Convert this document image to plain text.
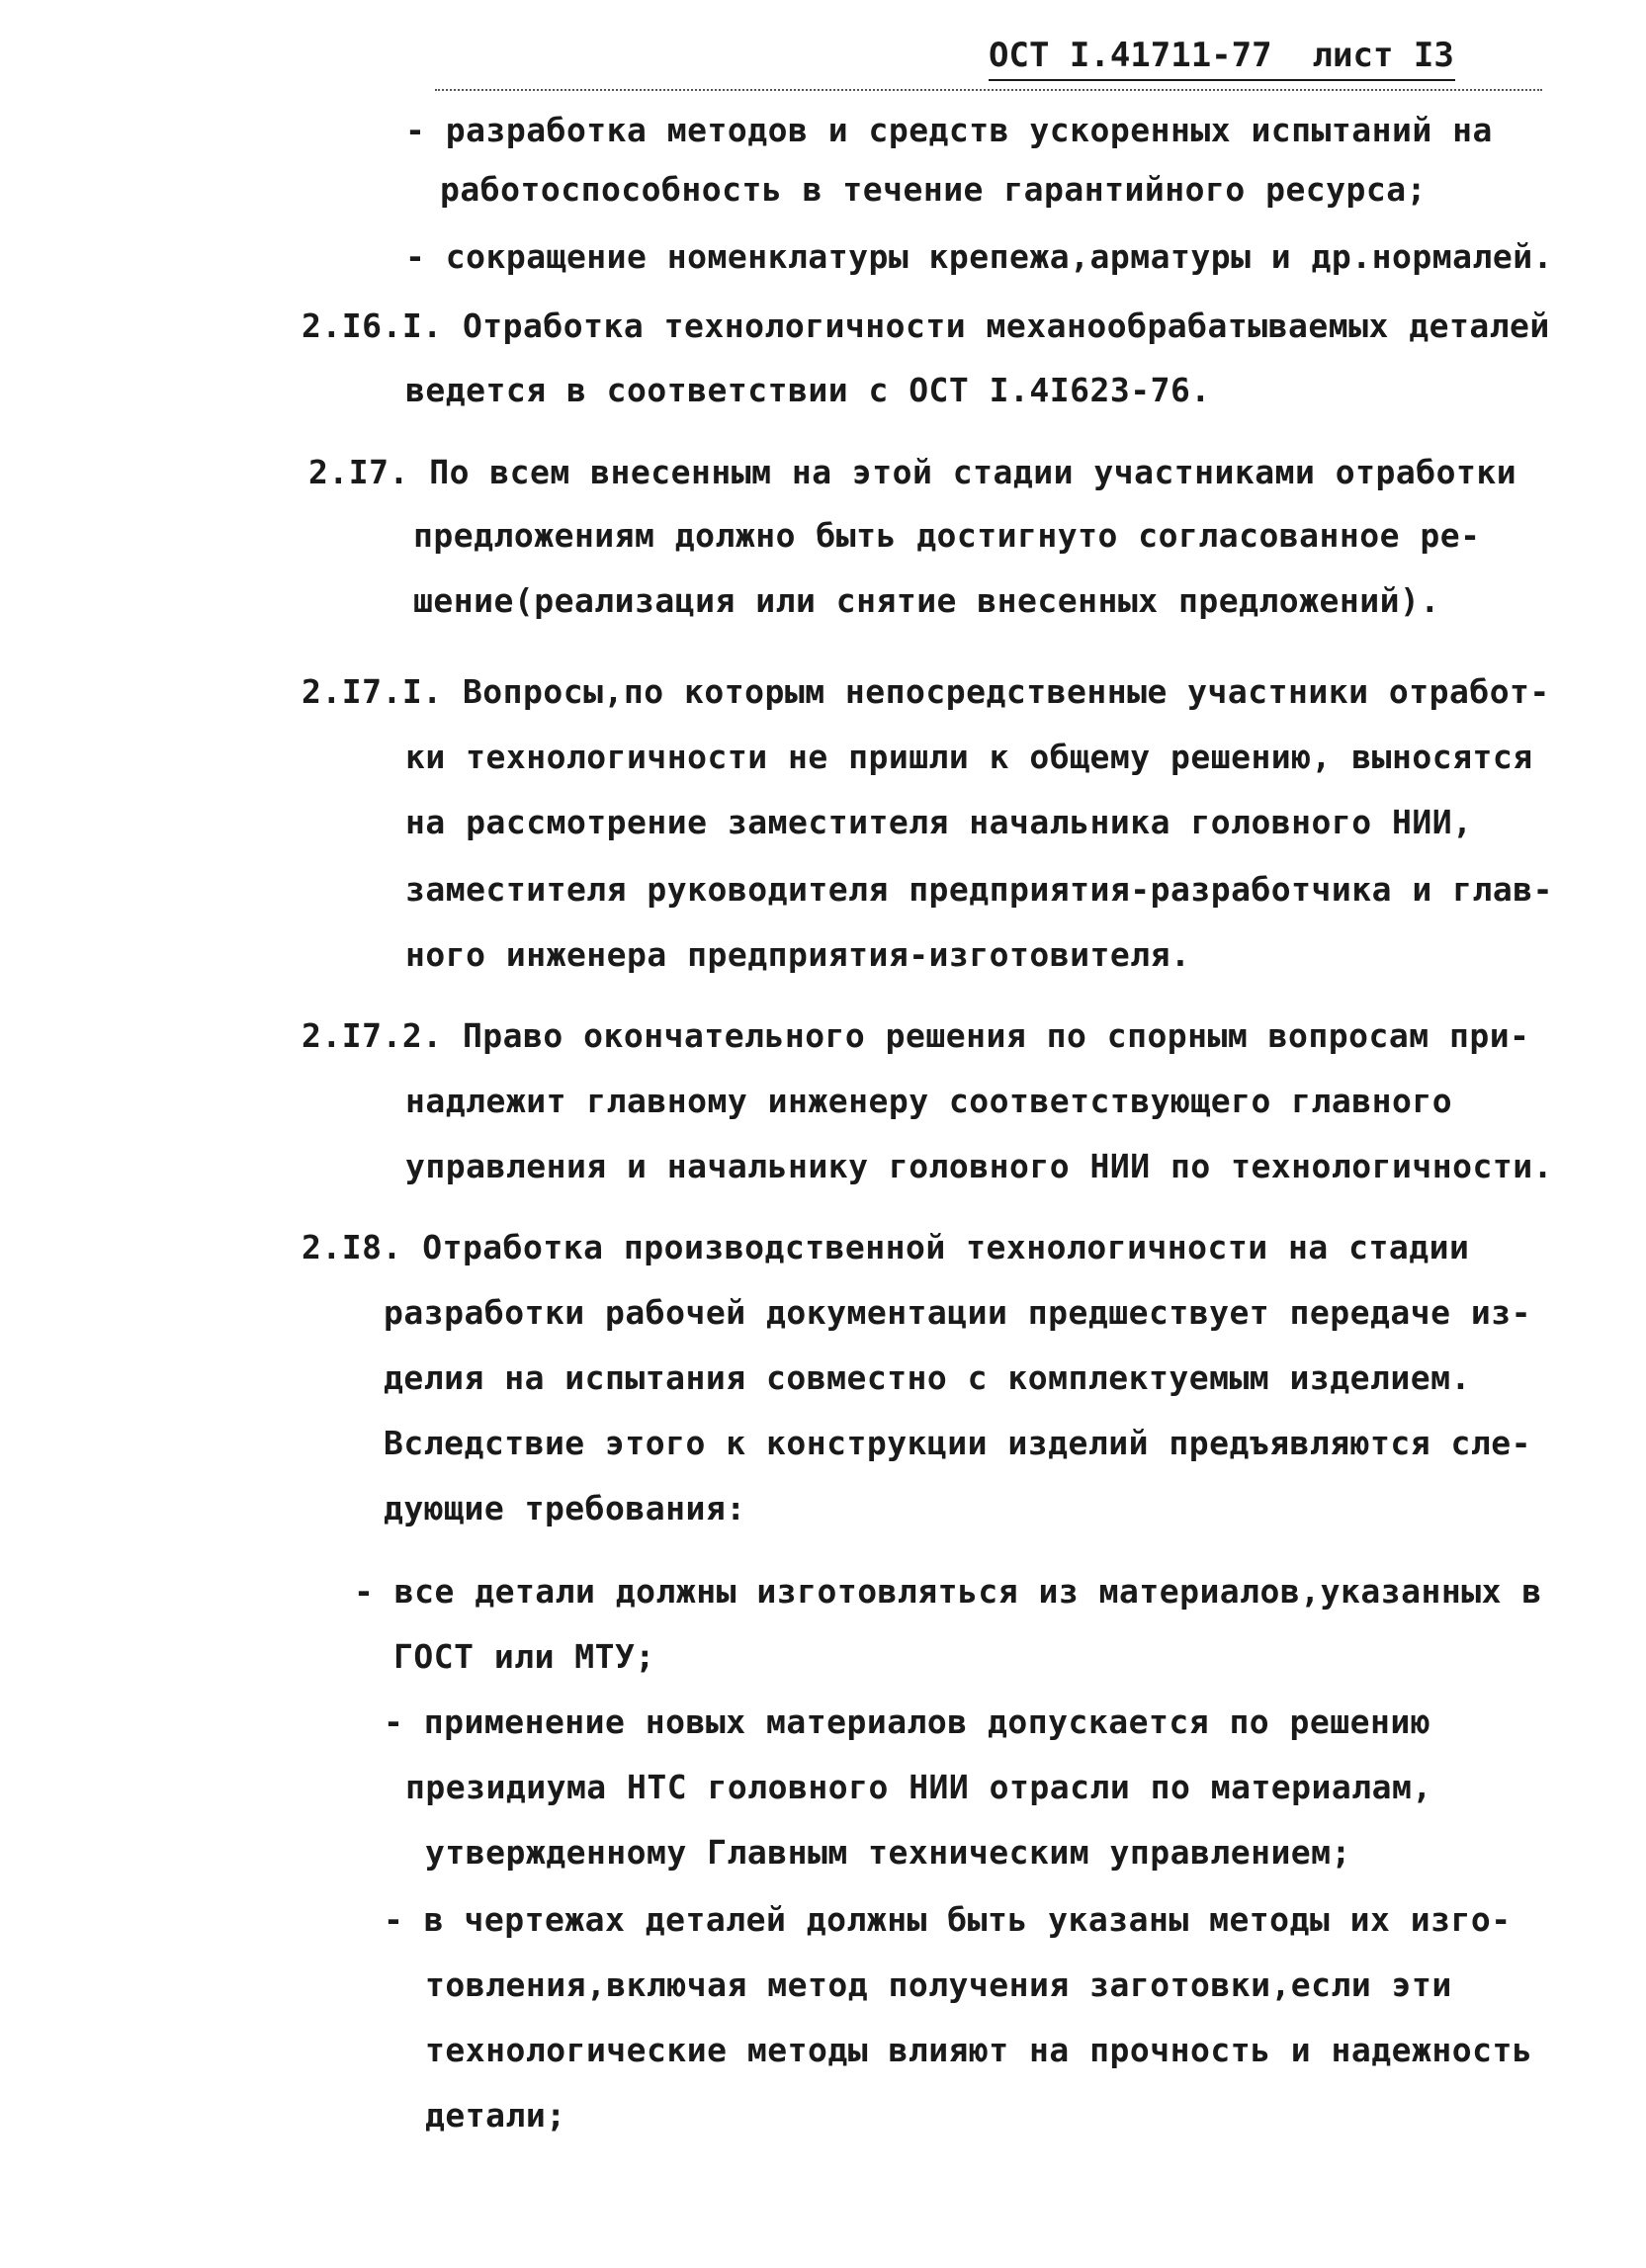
ОСТ I.41711-77 лист I3
- разработка методов и средств ускоренных испытаний на
работоспособность в течение гарантийного ресурса;
- сокращение номенклатуры крепежа,арматуры и др.нормалей.
2.I6.I. Отработка технологичности механообрабатываемых деталей
ведется в соответствии с ОСТ I.4I623-76.
2.I7. По всем внесенным на этой стадии участниками отработки
предложениям должно быть достигнуто согласованное ре-
шение(реализация или снятие внесенных предложений).
2.I7.I. Вопросы,по которым непосредственные участники отработ-
ки технологичности не пришли к общему решению, выносятся
на рассмотрение заместителя начальника головного НИИ,
заместителя руководителя предприятия-разработчика и глав-
ного инженера предприятия-изготовителя.
2.I7.2. Право окончательного решения по спорным вопросам при-
надлежит главному инженеру соответствующего главного
управления и начальнику головного НИИ по технологичности.
2.I8. Отработка производственной технологичности на стадии
разработки рабочей документации предшествует передаче из-
делия на испытания совместно с комплектуемым изделием.
Вследствие этого к конструкции изделий предъявляются сле-
дующие требования:
- все детали должны изготовляться из материалов,указанных в
ГОСТ или МТУ;
- применение новых материалов допускается по решению
президиума НТС головного НИИ отрасли по материалам,
утвержденному Главным техническим управлением;
- в чертежах деталей должны быть указаны методы их изго-
товления,включая метод получения заготовки,если эти
технологические методы влияют на прочность и надежность
детали;
